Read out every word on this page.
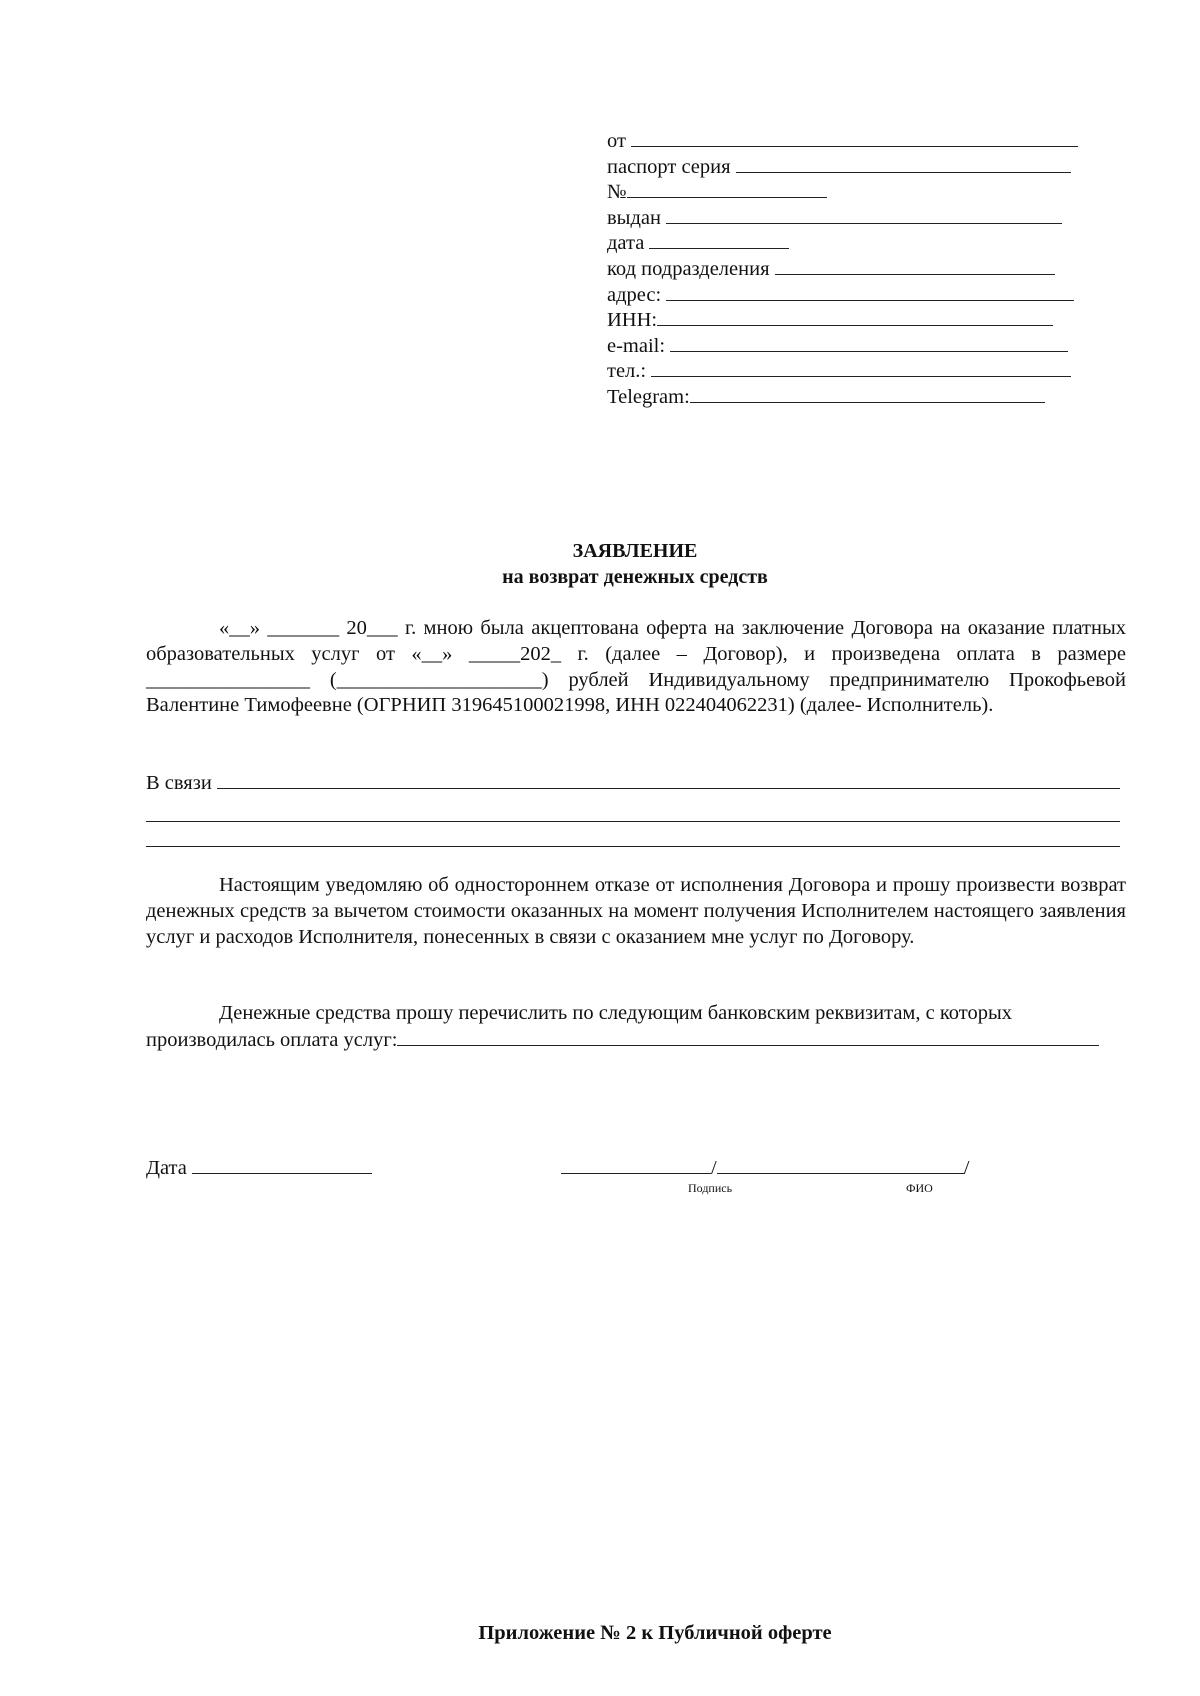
от

паспорт серия

№
выдан

дата

код подразделения

адрес:

ИНН:
e-mail:

тел.:

Telegram:
ЗАЯВЛЕНИЕ
на возврат денежных средств
«__» _______ 20___ г. мною была акцептована оферта на заключение Договора на оказание платных образовательных услуг от «__» _____202_ г. (далее – Договор), и произведена оплата в размере ________________ (____________________) рублей Индивидуальному предпринимателю Прокофьевой Валентине Тимофеевне (ОГРНИП 319645100021998, ИНН 022404062231) (далее- Исполнитель).
В связи

Настоящим уведомляю об одностороннем отказе от исполнения Договора и прошу произвести возврат денежных средств за вычетом стоимости оказанных на момент получения Исполнителем настоящего заявления услуг и расходов Исполнителя, понесенных в связи с оказанием мне услуг по Договору.
Денежные средства прошу перечислить по следующим банковским реквизитам, с которых производилась оплата услуг:
Дата	/	/
Подпись	ФИО
Приложение № 2 к Публичной оферте
